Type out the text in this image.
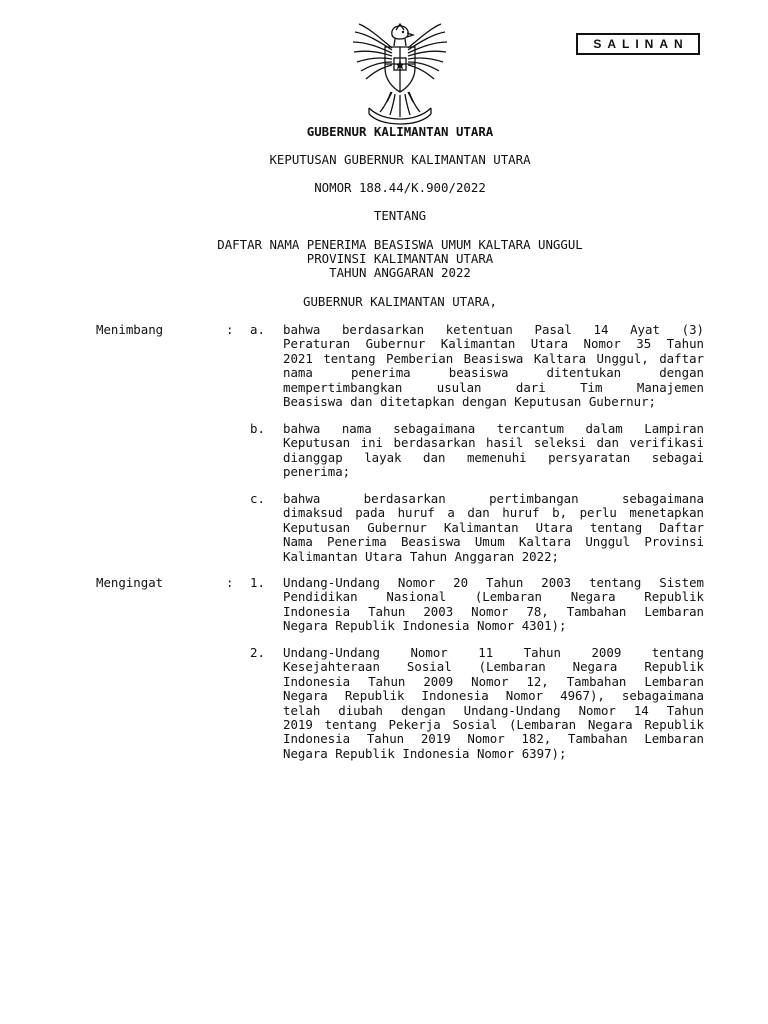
SALINAN
GUBERNUR KALIMANTAN UTARA
KEPUTUSAN GUBERNUR KALIMANTAN UTARA
NOMOR 188.44/K.900/2022
TENTANG
DAFTAR NAMA PENERIMA BEASISWA UMUM KALTARA UNGGUL
PROVINSI KALIMANTAN UTARA
TAHUN ANGGARAN 2022
GUBERNUR KALIMANTAN UTARA,
Menimbang	: a. bahwa berdasarkan ketentuan Pasal 14 Ayat (3)
Peraturan Gubernur Kalimantan Utara Nomor 35 Tahun
2021 tentang Pemberian Beasiswa Kaltara Unggul, daftar
nama penerima beasiswa ditentukan dengan
mempertimbangkan usulan dari Tim Manajemen
Beasiswa dan ditetapkan dengan Keputusan Gubernur;
b. bahwa nama sebagaimana tercantum dalam Lampiran
Keputusan ini berdasarkan hasil seleksi dan verifikasi
dianggap layak dan memenuhi persyaratan sebagai
penerima;
c. bahwa berdasarkan pertimbangan sebagaimana
dimaksud pada huruf a dan huruf b, perlu menetapkan
Keputusan Gubernur Kalimantan Utara tentang Daftar
Nama Penerima Beasiswa Umum Kaltara Unggul Provinsi
Kalimantan Utara Tahun Anggaran 2022;
Mengingat	: 1. Undang-Undang Nomor 20 Tahun 2003 tentang Sistem
Pendidikan Nasional (Lembaran Negara Republik
Indonesia Tahun 2003 Nomor 78, Tambahan Lembaran
Negara Republik Indonesia Nomor 4301);
2. Undang-Undang Nomor 11 Tahun 2009 tentang
Kesejahteraan Sosial (Lembaran Negara Republik
Indonesia Tahun 2009 Nomor 12, Tambahan Lembaran
Negara Republik Indonesia Nomor 4967), sebagaimana
telah diubah dengan Undang-Undang Nomor 14 Tahun
2019 tentang Pekerja Sosial (Lembaran Negara Republik
Indonesia Tahun 2019 Nomor 182, Tambahan Lembaran
Negara Republik Indonesia Nomor 6397);
